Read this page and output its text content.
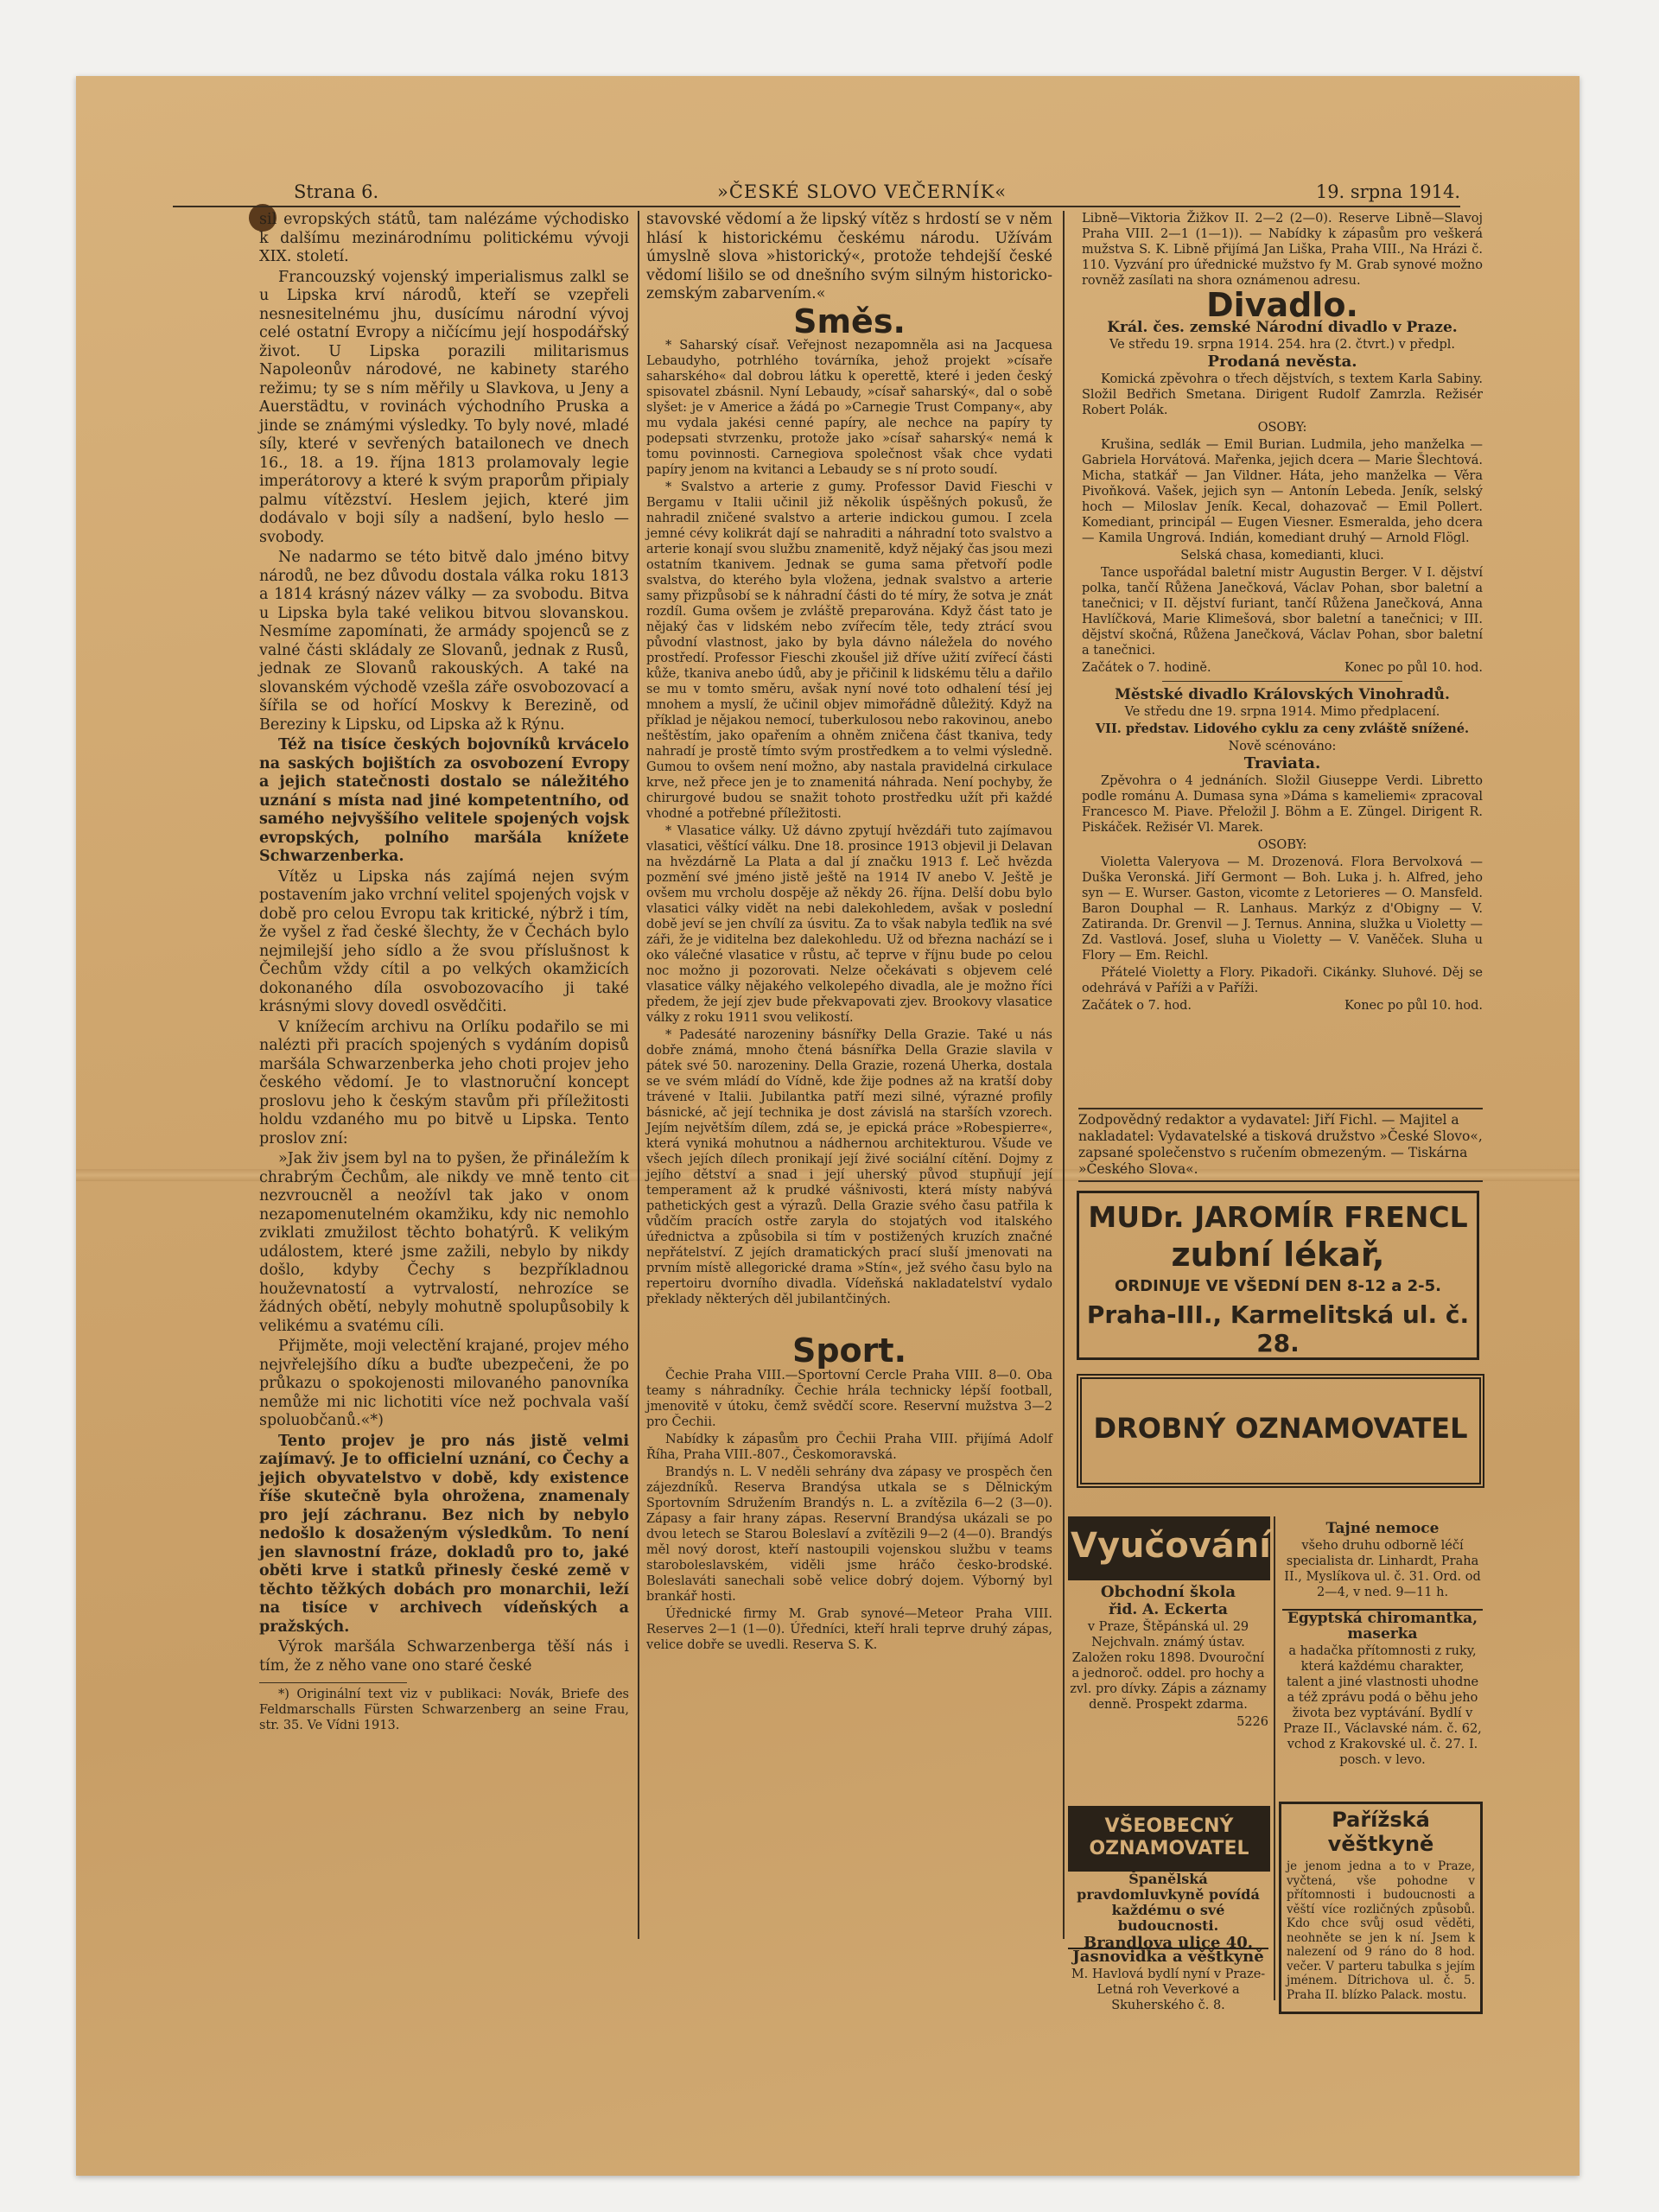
Strana 6.	»ČESKÉ SLOVO VEČERNÍK«	19. srpna 1914.

sil evropských států, tam nalézáme východisko k dalšímu mezinárodnímu politickému vývoji XIX. století.

Francouzský vojenský imperialismus zalkl se u Lipska krví národů, kteří se vzepřeli nesnesitelnému jhu, dusícímu národní vývoj celé ostatní Evropy a ničícímu její hospodářský život. U Lipska porazili militarismus Napoleonův národové, ne kabinety starého režimu; ty se s ním měřily u Slavkova, u Jeny a Auerstädtu, v rovinách východního Pruska a jinde se známými výsledky. To byly nové, mladé síly, které v sevřených batailonech ve dnech 16., 18. a 19. října 1813 prolamovaly legie imperátorovy a které k svým praporům připialy palmu vítězství. Heslem jejich, které jim dodávalo v boji síly a nadšení, bylo heslo — svobody.

Ne nadarmo se této bitvě dalo jméno bitvy národů, ne bez důvodu dostala válka roku 1813 a 1814 krásný název války — za svobodu. Bitva u Lipska byla také velikou bitvou slovanskou. Nesmíme zapomínati, že armády spojenců se z valné části skládaly ze Slovanů, jednak z Rusů, jednak ze Slovanů rakouských. A také na slovanském východě vzešla záře osvobozovací a šířila se od hořící Moskvy k Berezině, od Bereziny k Lipsku, od Lipska až k Rýnu.

Též na tisíce českých bojovníků krvácelo na saských bojištích za osvobození Evropy a jejich statečnosti dostalo se náležitého uznání s místa nad jiné kompetentního, od samého nejvyššího velitele spojených vojsk evropských, polního maršála knížete Schwarzenberka.

Vítěz u Lipska nás zajímá nejen svým postavením jako vrchní velitel spojených vojsk v době pro celou Evropu tak kritické, nýbrž i tím, že vyšel z řad české šlechty, že v Čechách bylo nejmilejší jeho sídlo a že svou příslušnost k Čechům vždy cítil a po velkých okamžicích dokonaného díla osvobozovacího ji také krásnými slovy dovedl osvědčiti.

V knížecím archivu na Orlíku podařilo se mi nalézti při pracích spojených s vydáním dopisů maršála Schwarzenberka jeho choti projev jeho českého vědomí. Je to vlastnoruční koncept proslovu jeho k českým stavům při příležitosti holdu vzdaného mu po bitvě u Lipska. Tento proslov zní:

»Jak živ jsem byl na to pyšen, že přináležím k chrabrým Čechům, ale nikdy ve mně tento cit nezvroucněl a neožívl tak jako v onom nezapomenutelném okamžiku, kdy nic nemohlo zviklati zmužilost těchto bohatýrů. K velikým událostem, které jsme zažili, nebylo by nikdy došlo, kdyby Čechy s bezpříkladnou houževnatostí a vytrvalostí, nehrozíce se žádných obětí, nebyly mohutně spolupůsobily k velikému a svatému cíli.

Přijměte, moji velectění krajané, projev mého nejvřelejšího díku a buďte ubezpečeni, že po průkazu o spokojenosti milovaného panovníka nemůže mi nic lichotiti více než pochvala vaší spoluobčanů.«*)

Tento projev je pro nás jistě velmi zajímavý. Je to officielní uznání, co Čechy a jejich obyvatelstvo v době, kdy existence říše skutečně byla ohrožena, znamenaly pro její záchranu. Bez nich by nebylo nedošlo k dosaženým výsledkům. To není jen slavnostní fráze, dokladů pro to, jaké oběti krve i statků přinesly české země v těchto těžkých dobách pro monarchii, leží na tisíce v archivech vídeňských a pražských.

Výrok maršála Schwarzenberga těší nás i tím, že z něho vane ono staré české

*) Originální text viz v publikaci: Novák, Briefe des Feldmarschalls Fürsten Schwarzenberg an seine Frau, str. 35. Ve Vídni 1913.

stavovské vědomí a že lipský vítěz s hrdostí se v něm hlásí k historickému českému národu. Užívám úmyslně slova »historický«, protože tehdejší české vědomí lišilo se od dnešního svým silným historicko-zemským zabarvením.«

Směs.

* Saharský císař. Veřejnost nezapomněla asi na Jacquesa Lebaudyho, potrhlého továrníka, jehož projekt »císaře saharského« dal dobrou látku k operettě, které i jeden český spisovatel zbásnil. Nyní Lebaudy, »císař saharský«, dal o sobě slyšet: je v Americe a žádá po »Carnegie Trust Company«, aby mu vydala jakési cenné papíry, ale nechce na papíry ty podepsati stvrzenku, protože jako »císař saharský« nemá k tomu povinnosti. Carnegiova společnost však chce vydati papíry jenom na kvitanci a Lebaudy se s ní proto soudí.

* Svalstvo a arterie z gumy. Professor David Fieschi v Bergamu v Italii učinil již několik úspěšných pokusů, že nahradil zničené svalstvo a arterie indickou gumou. I zcela jemné cévy kolikrát dají se nahraditi a náhradní toto svalstvo a arterie konají svou službu znamenitě, když nějaký čas jsou mezi ostatním tkanivem. Jednak se guma sama přetvoří podle svalstva, do kterého byla vložena, jednak svalstvo a arterie samy přizpůsobí se k náhradní části do té míry, že sotva je znát rozdíl. Guma ovšem je zvláště preparována. Když část tato je nějaký čas v lidském nebo zvířecím těle, tedy ztrácí svou původní vlastnost, jako by byla dávno náležela do nového prostředí. Professor Fieschi zkoušel již dříve užití zvířecí části kůže, tkaniva anebo údů, aby je přičinil k lidskému tělu a dařilo se mu v tomto směru, avšak nyní nové toto odhalení tésí jej mnohem a myslí, že učinil objev mimořádně důležitý. Když na příklad je nějakou nemocí, tuberkulosou nebo rakovinou, anebo neštěstím, jako opařením a ohněm zničena část tkaniva, tedy nahradí je prostě tímto svým prostředkem a to velmi výsledně. Gumou to ovšem není možno, aby nastala pravidelná cirkulace krve, než přece jen je to znamenitá náhrada. Není pochyby, že chirurgové budou se snažit tohoto prostředku užít při každé vhodné a potřebné příležitosti.

* Vlasatice války. Už dávno zpytují hvězdáři tuto zajímavou vlasatici, věštící válku. Dne 18. prosince 1913 objevil ji Delavan na hvězdárně La Plata a dal jí značku 1913 f. Leč hvězda pozmění své jméno jistě ještě na 1914 IV anebo V. Ještě je ovšem mu vrcholu dospěje až někdy 26. října. Delší dobu bylo vlasatici války vidět na nebi dalekohledem, avšak v poslední době jeví se jen chvílí za úsvitu. Za to však nabyla teďlik na své záři, že je viditelna bez dalekohledu. Už od března nachází se i oko válečné vlasatice v růstu, ač teprve v říjnu bude po celou noc možno ji pozorovati. Nelze očekávati s objevem celé vlasatice války nějakého velkolepého divadla, ale je možno říci předem, že její zjev bude překvapovati zjev. Brookovy vlasatice války z roku 1911 svou velikostí.

* Padesáté narozeniny básnířky Della Grazie. Také u nás dobře známá, mnoho čtená básnířka Della Grazie slavila v pátek své 50. narozeniny. Della Grazie, rozená Uherka, dostala se ve svém mládí do Vídně, kde žije podnes až na kratší doby trávené v Italii. Jubilantka patří mezi silné, výrazné profily básnické, ač její technika je dost závislá na starších vzorech. Jejím největším dílem, zdá se, je epická práce »Robespierre«, která vyniká mohutnou a nádhernou architekturou. Všude ve všech jejích dílech pronikají její živé sociální cítění. Dojmy z jejího dětství a snad i její uherský původ stupňují její temperament až k prudké vášnivosti, která místy nabývá pathetických gest a výrazů. Della Grazie svého času patřila k vůdčím pracích ostře zaryla do stojatých vod italského úřednictva a způsobila si tím v postižených kruzích značné nepřátelství. Z jejích dramatických prací sluší jmenovati na prvním místě allegorické drama »Stín«, jež svého času bylo na repertoiru dvorního divadla. Vídeňská nakladatelství vydalo překlady některých děl jubilantčiných.

Sport.

Čechie Praha VIII.—Sportovní Cercle Praha VIII. 8—0. Oba teamy s náhradníky. Čechie hrála technicky lépší football, jmenovitě v útoku, čemž svědčí score. Reservní mužstva 3—2 pro Čechii.

Nabídky k zápasům pro Čechii Praha VIII. přijímá Adolf Říha, Praha VIII.-807., Českomoravská.

Brandýs n. L. V neděli sehrány dva zápasy ve prospěch čen zájezdníků. Reserva Brandýsa utkala se s Dělnickým Sportovním Sdružením Brandýs n. L. a zvítězila 6—2 (3—0). Zápasy a fair hrany zápas. Reservní Brandýsa ukázali se po dvou letech se Starou Boleslaví a zvítězili 9—2 (4—0). Brandýs měl nový dorost, kteří nastoupili vojenskou službu v teams staroboleslavském, viděli jsme hráčo česko-brodské. Boleslaváti sanechali sobě velice dobrý dojem. Výborný byl brankář hosti.

Úřednické firmy M. Grab synové—Meteor Praha VIII. Reserves 2—1 (1—0). Úředníci, kteří hrali teprve druhý zápas, velice dobře se uvedli. Reserva S. K.

Libně—Viktoria Žižkov II. 2—2 (2—0). Reserve Libně—Slavoj Praha VIII. 2—1 (1—1)). — Nabídky k zápasům pro veškerá mužstva S. K. Libně přijímá Jan Liška, Praha VIII., Na Hrázi č. 110. Vyzvání pro úřednické mužstvo fy M. Grab synové možno rovněž zasílati na shora oznámenou adresu.

Divadlo.

Král. čes. zemské Národní divadlo v Praze.

Ve středu 19. srpna 1914. 254. hra (2. čtvrt.) v předpl.

Prodaná nevěsta.

Komická zpěvohra o třech dějstvích, s textem Karla Sabiny. Složil Bedřich Smetana. Dirigent Rudolf Zamrzla. Režisér Robert Polák.

OSOBY:

Krušina, sedlák — Emil Burian. Ludmila, jeho manželka — Gabriela Horvátová. Mařenka, jejich dcera — Marie Šlechtová. Micha, statkář — Jan Vildner. Háta, jeho manželka — Věra Pivoňková. Vašek, jejich syn — Antonín Lebeda. Jeník, selský hoch — Miloslav Jeník. Kecal, dohazovač — Emil Pollert. Komediant, principál — Eugen Viesner. Esmeralda, jeho dcera — Kamila Ungrová. Indián, komediant druhý — Arnold Flögl.

Selská chasa, komedianti, kluci.

Tance uspořádal baletní mistr Augustin Berger. V I. dějství polka, tančí Růžena Janečková, Václav Pohan, sbor baletní a tanečnici; v II. dějství furiant, tančí Růžena Janečková, Anna Havlíčková, Marie Klimešová, sbor baletní a tanečnici; v III. dějství skočná, Růžena Janečková, Václav Pohan, sbor baletní a tanečnici.

Začátek o 7. hodině.	Konec po půl 10. hod.

Městské divadlo Královských Vinohradů.

Ve středu dne 19. srpna 1914. Mimo předplacení.

VII. představ. Lidového cyklu za ceny zvláště snížené.

Nově scénováno:

Traviata.

Zpěvohra o 4 jednáních. Složil Giuseppe Verdi. Libretto podle románu A. Dumasa syna »Dáma s kameliemi« zpracoval Francesco M. Piave. Přeložil J. Böhm a E. Züngel. Dirigent R. Piskáček. Režisér Vl. Marek.

OSOBY:

Violetta Valeryova — M. Drozenová. Flora Bervolxová — Duška Veronská. Jiří Germont — Boh. Luka j. h. Alfred, jeho syn — E. Wurser. Gaston, vicomte z Letorieres — O. Mansfeld. Baron Douphal — R. Lanhaus. Markýz z d'Obigny — V. Zatiranda. Dr. Grenvil — J. Ternus. Annina, služka u Violetty — Zd. Vastlová. Josef, sluha u Violetty — V. Vaněček. Sluha u Flory — Em. Reichl.

Přátelé Violetty a Flory. Pikadoři. Cikánky. Sluhové. Děj se odehrává v Paříži a v Paříži.

Začátek o 7. hod.	Konec po půl 10. hod.

Zodpovědný redaktor a vydavatel: Jiří Fichl. — Majitel a nakladatel: Vydavatelské a tisková družstvo »České Slovo«, zapsané společenstvo s ručením obmezeným. — Tiskárna »Českého Slova«.
MUDr. JAROMÍR FRENCL
zubní lékař,
ORDINUJE VE VŠEDNÍ DEN 8-12 a 2-5.
Praha-III., Karmelitská ul. č. 28.
DROBNÝ OZNAMOVATEL
Vyučování

Obchodní škola

řid. A. Eckerta

v Praze, Štěpánská ul. 29 Nejchvaln. známý ústav. Založen roku 1898. Dvouroční a jednoroč. oddel. pro hochy a zvl. pro dívky. Zápis a záznamy denně. Prospekt zdarma.

5226

VŠEOBECNÝ OZNAMOVATEL

Španělská pravdomluvkyně povídá každému o své budoucnosti.

Brandlova ulice 40.

Jasnovidka a věštkyně

M. Havlová bydlí nyní v Praze-Letná roh Veverkové a Skuherského č. 8.

Tajné nemoce

všeho druhu odborně léčí specialista dr. Linhardt, Praha II., Myslíkova ul. č. 31. Ord. od 2—4, v ned. 9—11 h.

Egyptská chiromantka, maserka

a hadačka přítomnosti z ruky, která každému charakter, talent a jiné vlastnosti uhodne a též zprávu podá o běhu jeho života bez vyptávání. Bydlí v Praze II., Václavské nám. č. 62, vchod z Krakovské ul. č. 27. I. posch. v levo.

Pařížská věštkyně
je jenom jedna a to v Praze, vyčtená, vše pohodne v přítomnosti i budoucnosti a věští více rozličných způsobů. Kdo chce svůj osud věděti, neohněte se jen k ní. Jsem k nalezení od 9 ráno do 8 hod. večer. V parteru tabulka s jejím jménem. Dítrichova ul. č. 5. Praha II. blízko Palack. mostu.
